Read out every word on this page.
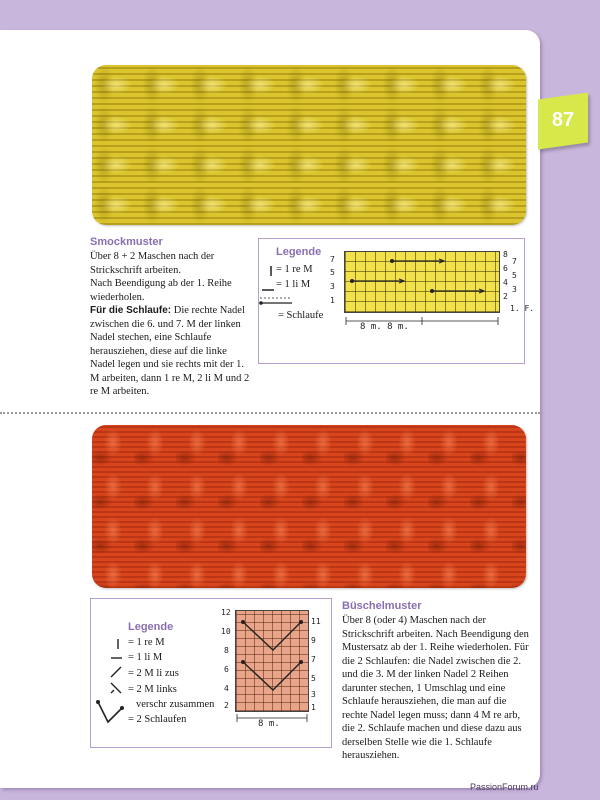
87
Smockmuster

Über 8 + 2 Maschen nach der Strickschrift arbeiten.

Nach Beendigung ab der 1. Reihe wiederholen.

Für die Schlaufe: Die rechte Nadel zwischen die 6. und 7. M der linken Nadel stechen, eine Schlaufe herausziehen, diese auf die linke Nadel legen und sie rechts mit der 1. M arbeiten, dann 1 re M, 2 li M und 2 re M arbeiten.

Legende
= 1 re M
= 1 li M
= Schlaufe
7
5
3
1
8
6
4
2
7
5
3
1. F.
8 m. 8 m.
Legende
= 1 re M
= 1 li M
= 2 M li zus
= 2 M links
verschr zusammen
= 2 Schlaufen
12
10
8
6
4
2
11
9
7
5
3
1
8 m.
Büschelmuster
Über 8 (oder 4) Maschen nach der Strickschrift arbeiten. Nach Beendigung den Mustersatz ab der 1. Reihe wiederholen. Für die 2 Schlaufen: die Nadel zwischen die 2. und die 3. M der linken Nadel 2 Reihen darunter stechen, 1 Umschlag und eine Schlaufe herausziehen, die man auf die rechte Nadel legen muss; dann 4 M re arb, die 2. Schlaufe machen und diese dazu aus derselben Stelle wie die 1. Schlaufe herausziehen.
PassionForum.ru
